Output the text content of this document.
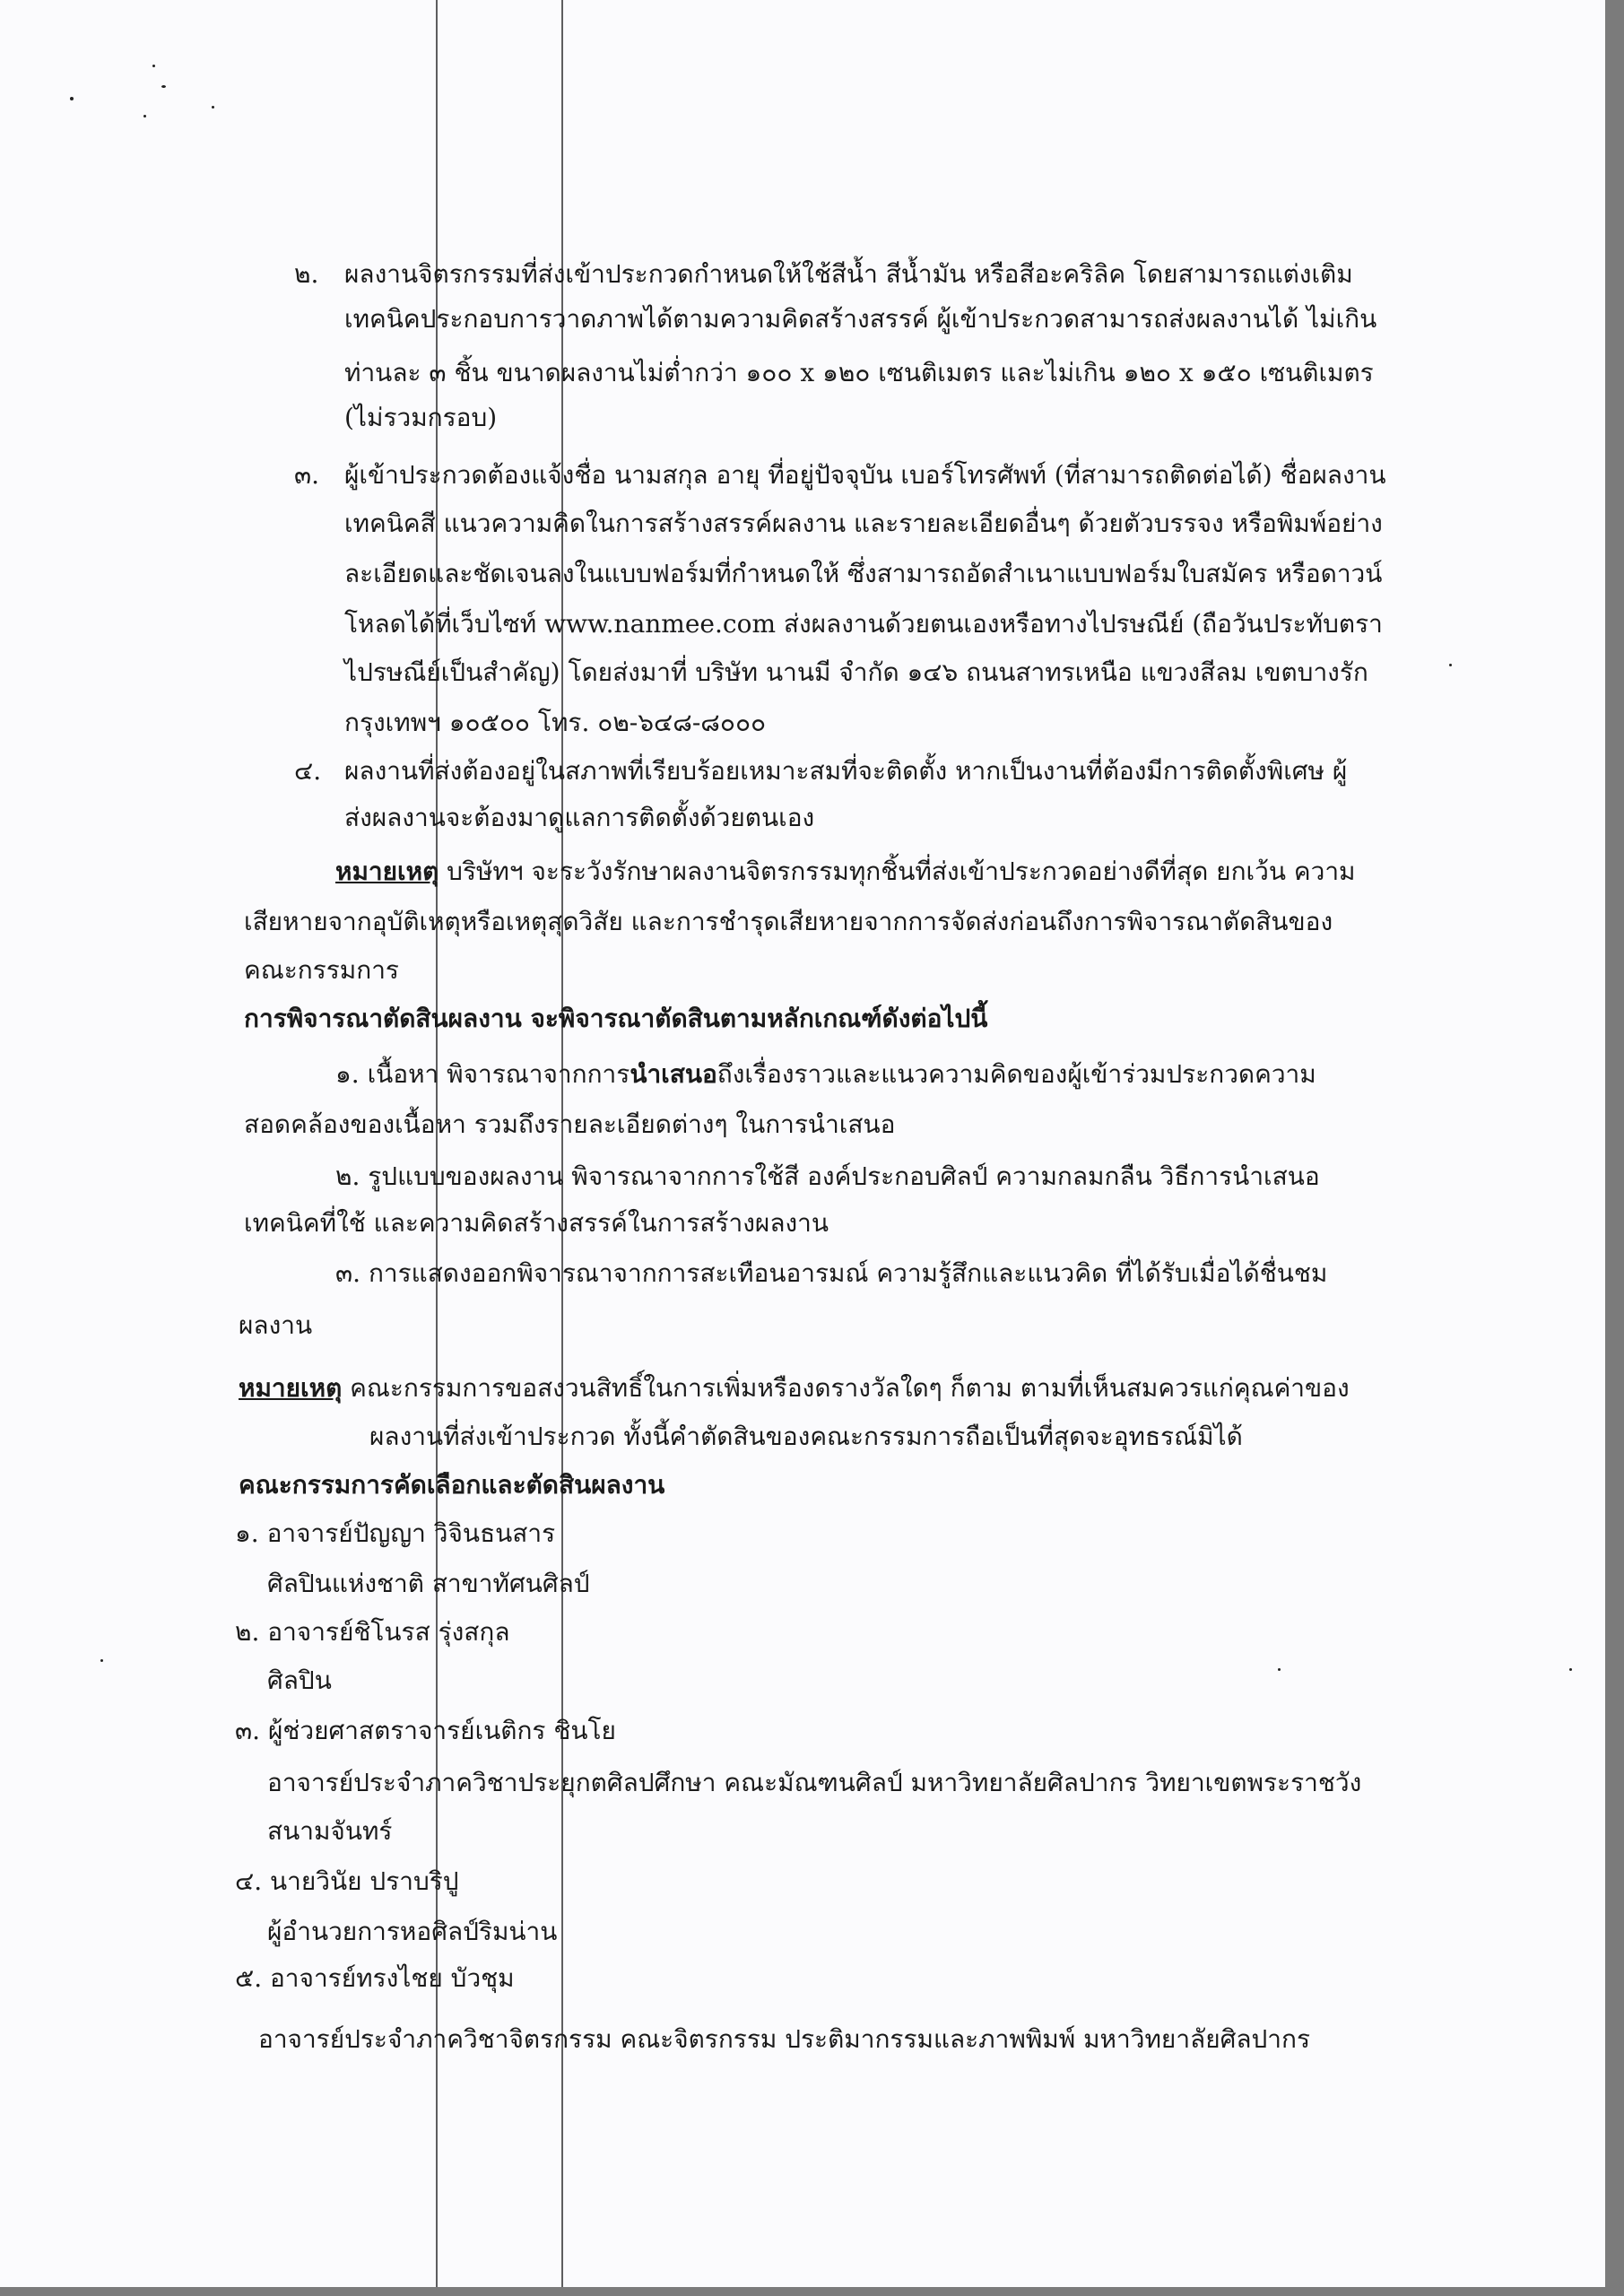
๒. ผลงานจิตรกรรมที่ส่งเข้าประกวดกำหนดให้ใช้สีน้ำ สีน้ำมัน หรือสีอะคริลิค โดยสามารถแต่งเติม
เทคนิคประกอบการวาดภาพได้ตามความคิดสร้างสรรค์ ผู้เข้าประกวดสามารถส่งผลงานได้ ไม่เกิน
ท่านละ ๓ ชิ้น ขนาดผลงานไม่ต่ำกว่า ๑๐๐ x ๑๒๐ เซนติเมตร และไม่เกิน ๑๒๐ x ๑๕๐ เซนติเมตร
(ไม่รวมกรอบ)
๓. ผู้เข้าประกวดต้องแจ้งชื่อ นามสกุล อายุ ที่อยู่ปัจจุบัน เบอร์โทรศัพท์ (ที่สามารถติดต่อได้) ชื่อผลงาน
เทคนิคสี แนวความคิดในการสร้างสรรค์ผลงาน และรายละเอียดอื่นๆ ด้วยตัวบรรจง หรือพิมพ์อย่าง
ละเอียดและชัดเจนลงในแบบฟอร์มที่กำหนดให้ ซึ่งสามารถอัดสำเนาแบบฟอร์มใบสมัคร หรือดาวน์
โหลดได้ที่เว็บไซท์ www.nanmee.com ส่งผลงานด้วยตนเองหรือทางไปรษณีย์ (ถือวันประทับตรา
ไปรษณีย์เป็นสำคัญ) โดยส่งมาที่ บริษัท นานมี จำกัด ๑๔๖ ถนนสาทรเหนือ แขวงสีลม เขตบางรัก
กรุงเทพฯ ๑๐๕๐๐ โทร. ๐๒-๖๔๘-๘๐๐๐
๔. ผลงานที่ส่งต้องอยู่ในสภาพที่เรียบร้อยเหมาะสมที่จะติดตั้ง หากเป็นงานที่ต้องมีการติดตั้งพิเศษ ผู้
ส่งผลงานจะต้องมาดูแลการติดตั้งด้วยตนเอง
หมายเหตุ บริษัทฯ จะระวังรักษาผลงานจิตรกรรมทุกชิ้นที่ส่งเข้าประกวดอย่างดีที่สุด ยกเว้น ความ
เสียหายจากอุบัติเหตุหรือเหตุสุดวิสัย และการชำรุดเสียหายจากการจัดส่งก่อนถึงการพิจารณาตัดสินของ
คณะกรรมการ
การพิจารณาตัดสินผลงาน จะพิจารณาตัดสินตามหลักเกณฑ์ดังต่อไปนี้
๑. เนื้อหา พิจารณาจากการนำเสนอถึงเรื่องราวและแนวความคิดของผู้เข้าร่วมประกวดความ
สอดคล้องของเนื้อหา รวมถึงรายละเอียดต่างๆ ในการนำเสนอ
๒. รูปแบบของผลงาน พิจารณาจากการใช้สี องค์ประกอบศิลป์ ความกลมกลืน วิธีการนำเสนอ
เทคนิคที่ใช้ และความคิดสร้างสรรค์ในการสร้างผลงาน
๓. การแสดงออกพิจารณาจากการสะเทือนอารมณ์ ความรู้สึกและแนวคิด ที่ได้รับเมื่อได้ชื่นชม
ผลงาน
หมายเหตุ คณะกรรมการขอสงวนสิทธิ์ในการเพิ่มหรืองดรางวัลใดๆ ก็ตาม ตามที่เห็นสมควรแก่คุณค่าของ
ผลงานที่ส่งเข้าประกวด ทั้งนี้คำตัดสินของคณะกรรมการถือเป็นที่สุดจะอุทธรณ์มิได้
คณะกรรมการคัดเลือกและตัดสินผลงาน
๑. อาจารย์ปัญญา วิจินธนสาร
ศิลปินแห่งชาติ สาขาทัศนศิลป์
๒. อาจารย์ชิโนรส รุ่งสกุล
ศิลปิน
๓. ผู้ช่วยศาสตราจารย์เนติกร ชินโย
อาจารย์ประจำภาควิชาประยุกตศิลปศึกษา คณะมัณฑนศิลป์ มหาวิทยาลัยศิลปากร วิทยาเขตพระราชวัง
สนามจันทร์
๔. นายวินัย ปราบริปู
ผู้อำนวยการหอศิลป์ริมน่าน
๕. อาจารย์ทรงไชย บัวชุม
อาจารย์ประจำภาควิชาจิตรกรรม คณะจิตรกรรม ประติมากรรมและภาพพิมพ์ มหาวิทยาลัยศิลปากร
